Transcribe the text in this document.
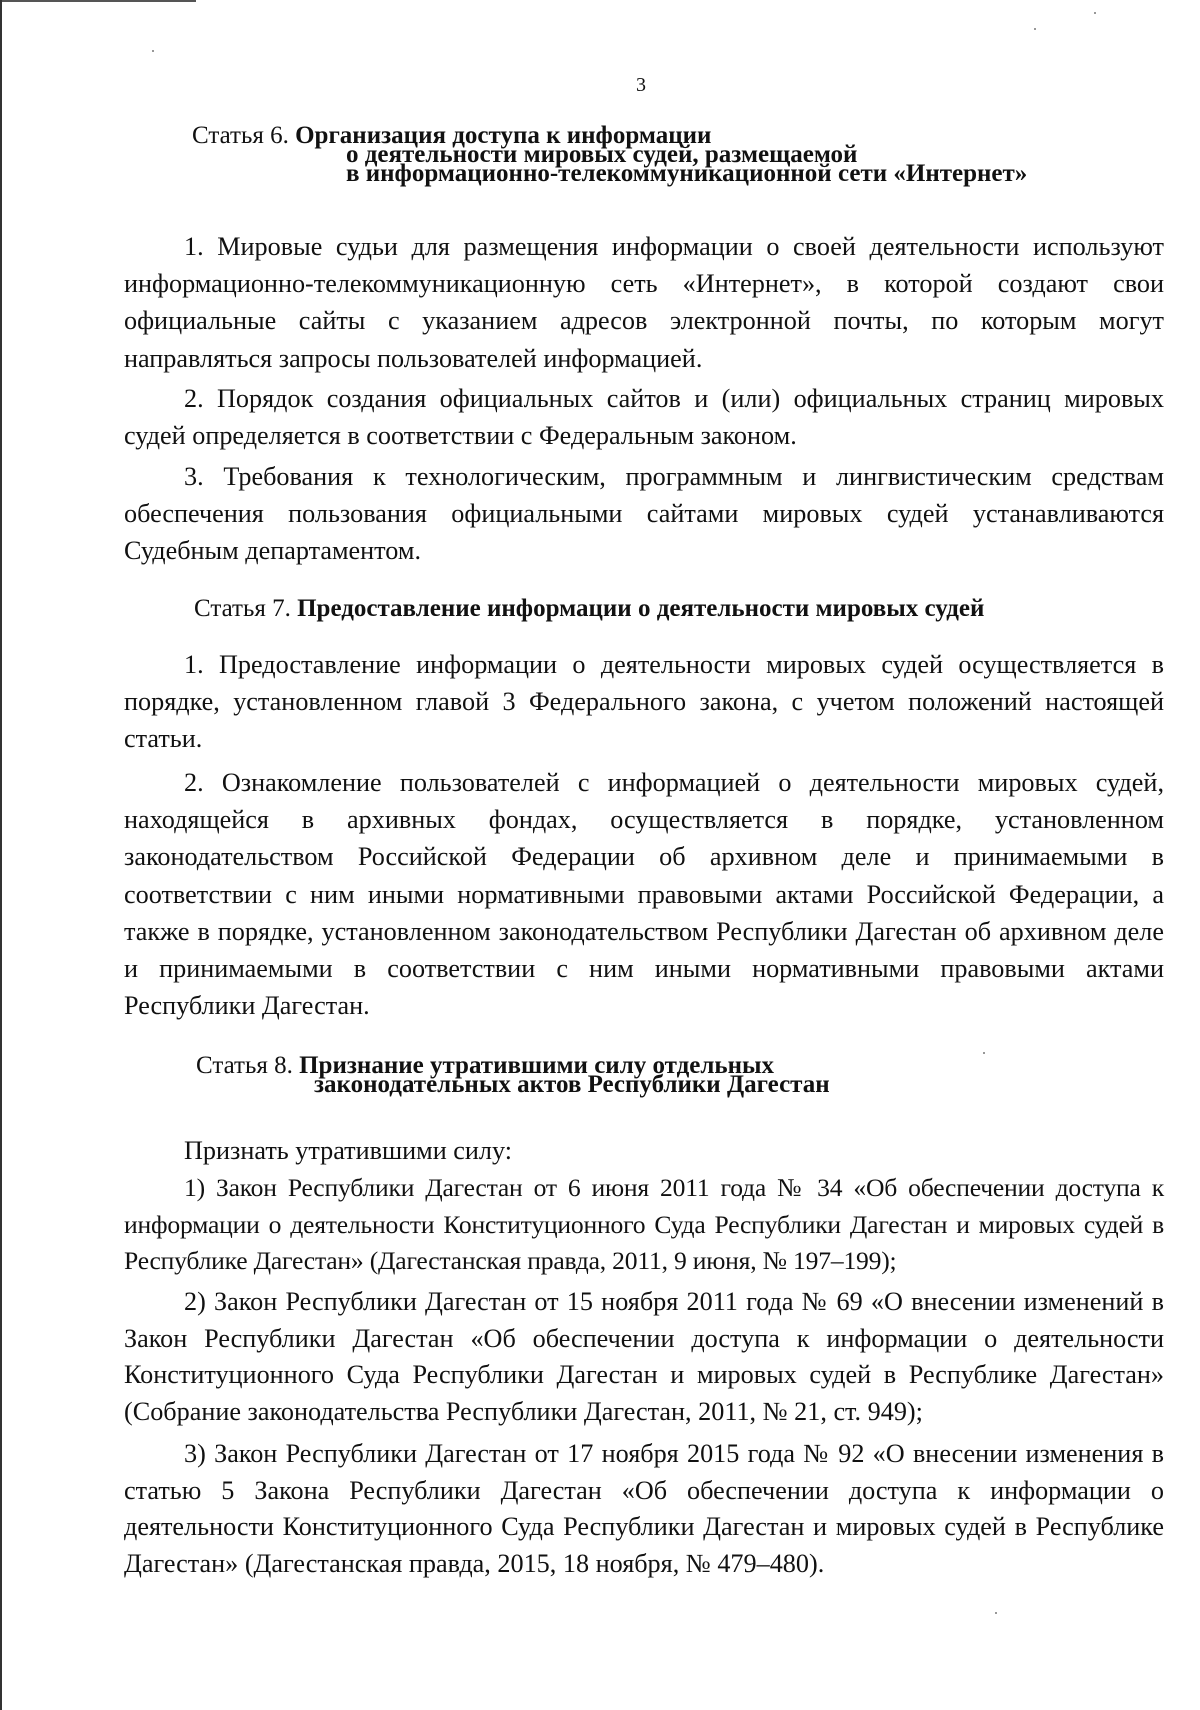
3
Статья 6. Организация доступа к информации
о деятельности мировых судей, размещаемой
в информационно-телекоммуникационной сети «Интернет»

1. Мировые судьи для размещения информации о своей деятельности используют информационно-телекоммуникационную сеть «Интернет», в которой создают свои официальные сайты с указанием адресов электронной почты, по которым могут направляться запросы пользователей информацией.

2. Порядок создания официальных сайтов и (или) официальных страниц мировых судей определяется в соответствии с Федеральным законом.

3. Требования к технологическим, программным и лингвистическим средствам обеспечения пользования официальными сайтами мировых судей устанавливаются Судебным департаментом.

Статья 7. Предоставление информации о деятельности мировых судей

1. Предоставление информации о деятельности мировых судей осуществляется в порядке, установленном главой 3 Федерального закона, с учетом положений настоящей статьи.

2. Ознакомление пользователей с информацией о деятельности мировых судей, находящейся в архивных фондах, осуществляется в порядке, установленном законодательством Российской Федерации об архивном деле и принимаемыми в соответствии с ним иными нормативными правовыми актами Российской Федерации, а также в порядке, установленном законодательством Республики Дагестан об архивном деле и принимаемыми в соответствии с ним иными нормативными правовыми актами Республики Дагестан.

Статья 8. Признание утратившими силу отдельных
законодательных актов Республики Дагестан

Признать утратившими силу:

1) Закон Республики Дагестан от 6 июня 2011 года № 34 «Об обеспечении доступа к информации о деятельности Конституционного Суда Республики Дагестан и мировых судей в Республике Дагестан» (Дагестанская правда, 2011, 9 июня, № 197–199);

2) Закон Республики Дагестан от 15 ноября 2011 года № 69 «О внесении изменений в Закон Республики Дагестан «Об обеспечении доступа к информации о деятельности Конституционного Суда Республики Дагестан и мировых судей в Республике Дагестан» (Собрание законодательства Республики Дагестан, 2011, № 21, ст. 949);

3) Закон Республики Дагестан от 17 ноября 2015 года № 92 «О внесении изменения в статью 5 Закона Республики Дагестан «Об обеспечении доступа к информации о деятельности Конституционного Суда Республики Дагестан и мировых судей в Республике Дагестан» (Дагестанская правда, 2015, 18 ноября, № 479–480).
